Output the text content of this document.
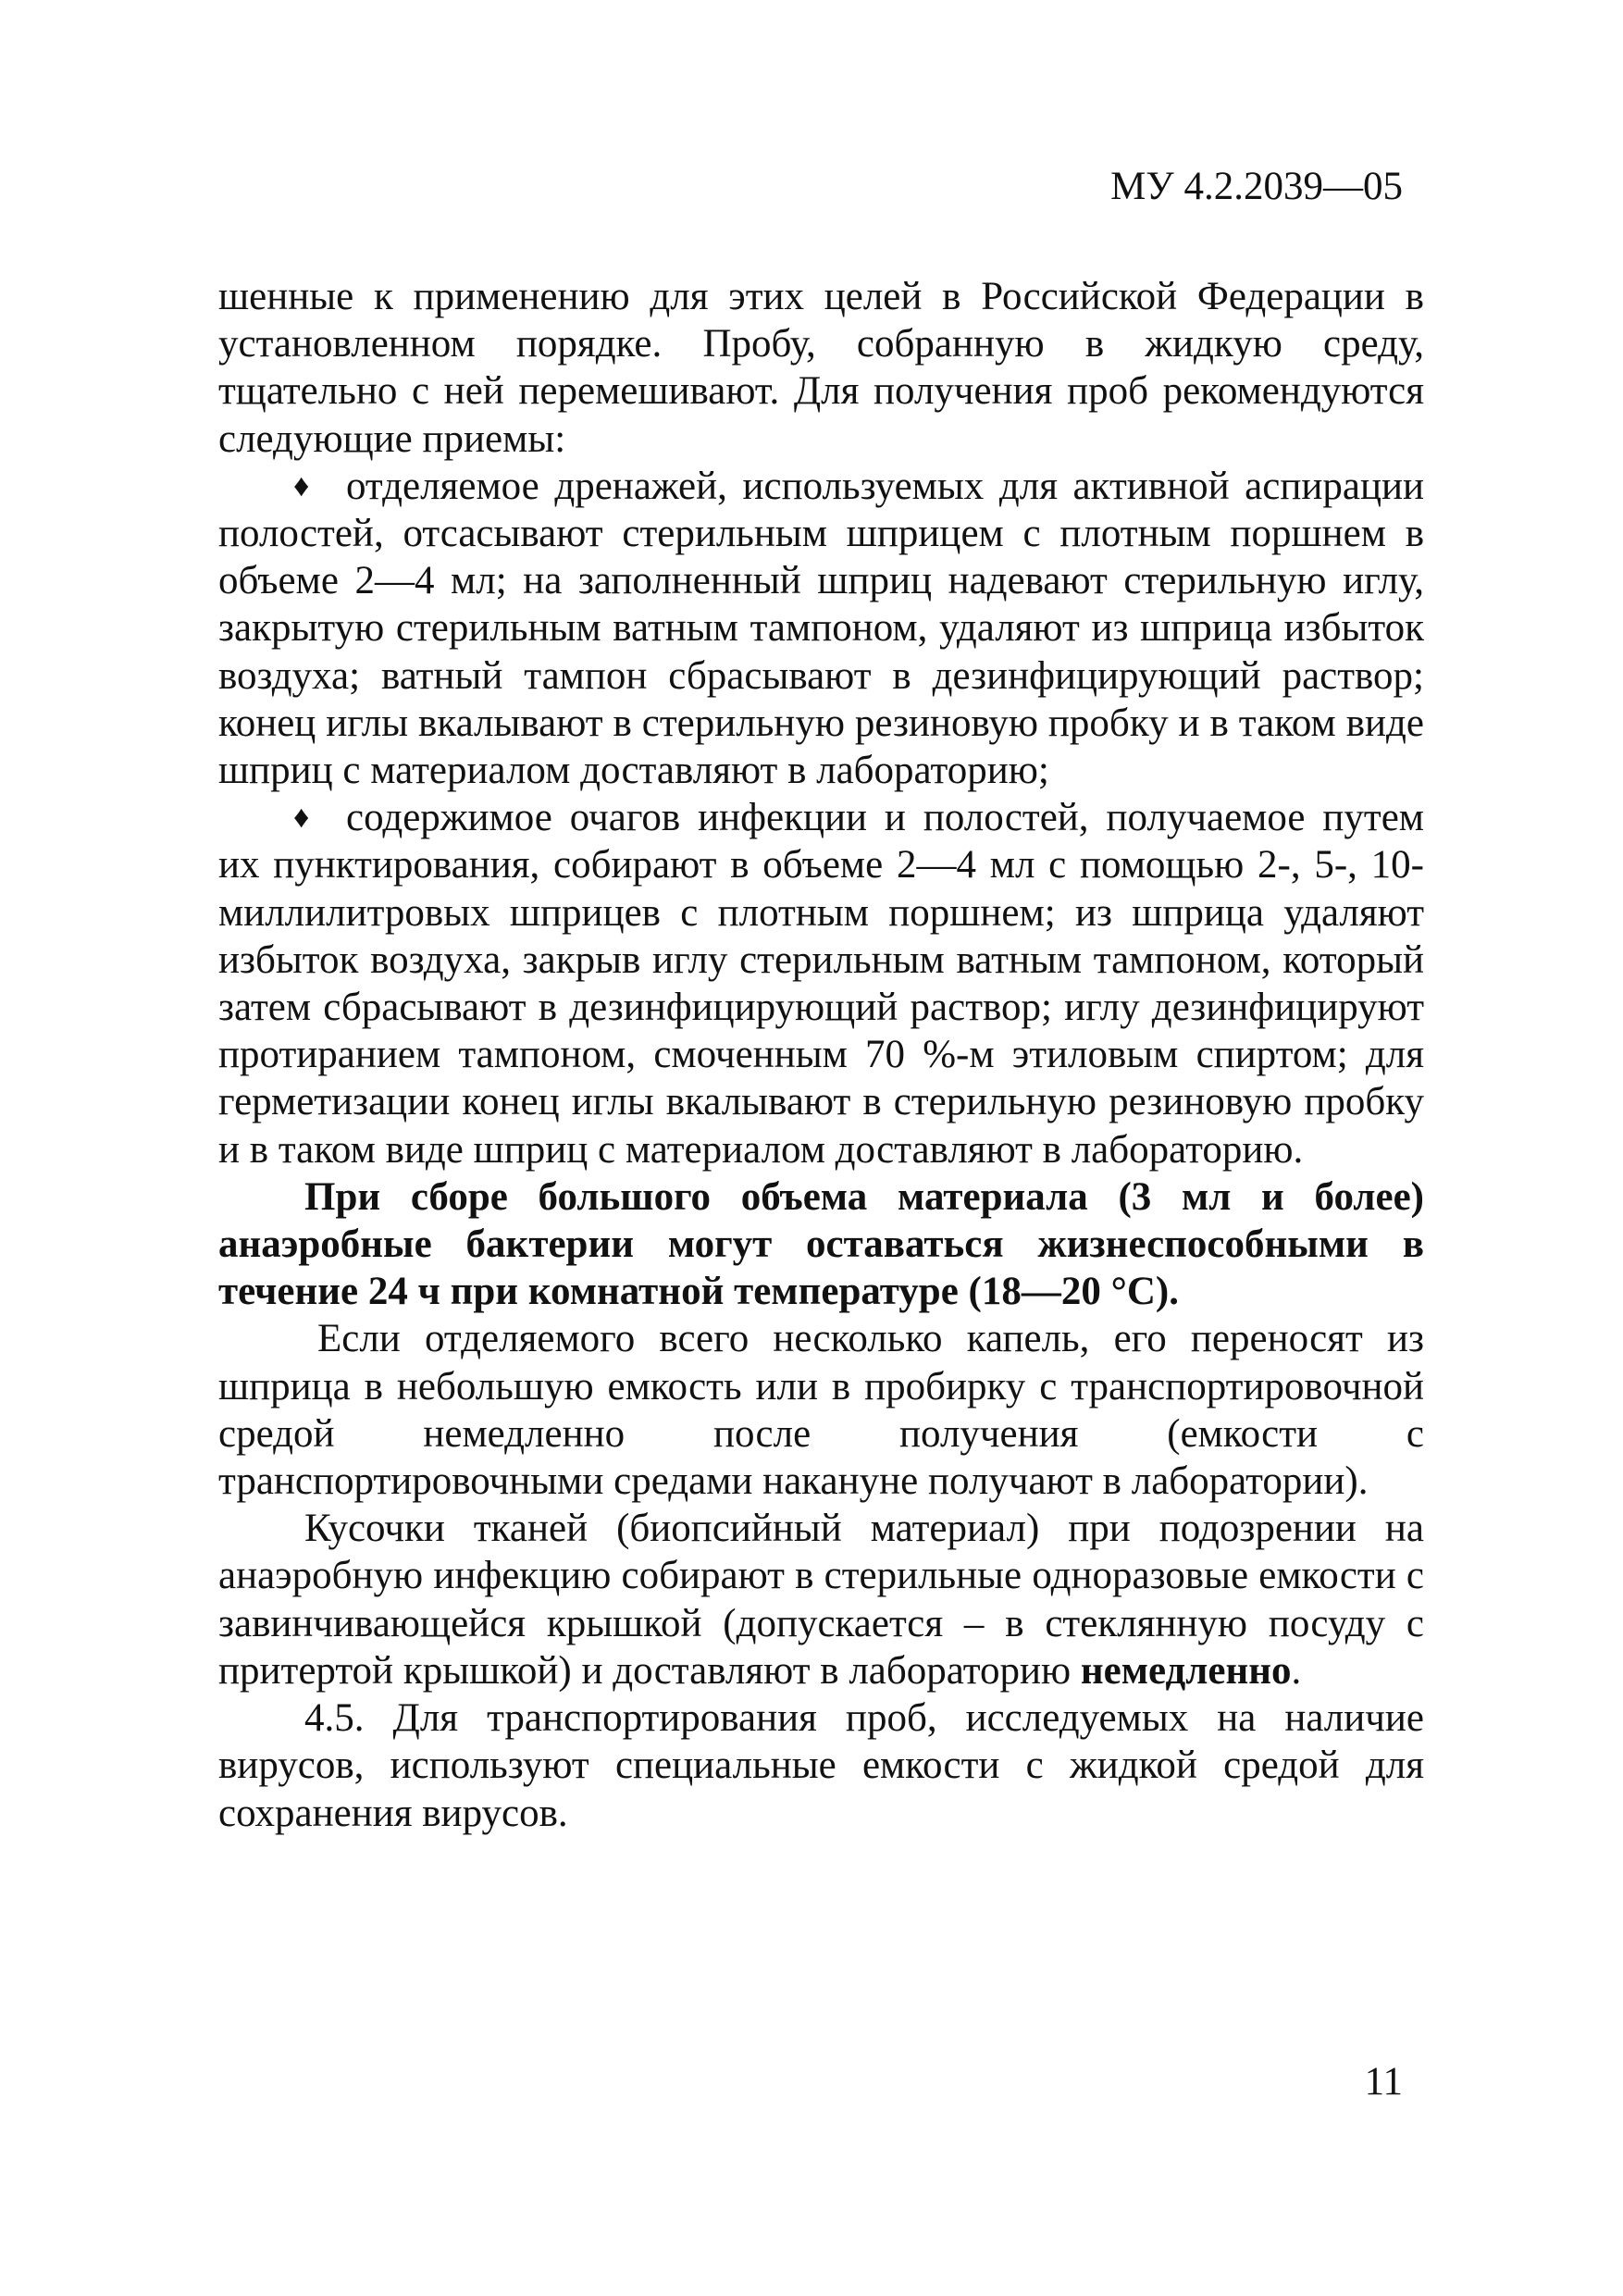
МУ 4.2.2039—05

шенные к применению для этих целей в Российской Федерации в установленном порядке. Пробу, собранную в жидкую среду, тщательно с ней перемешивают. Для получения проб рекомендуются следующие приемы:

♦ отделяемое дренажей, используемых для активной аспирации полостей, отсасывают стерильным шприцем с плотным поршнем в объеме 2—4 мл; на заполненный шприц надевают стерильную иглу, закрытую стерильным ватным тампоном, удаляют из шприца избыток воздуха; ватный тампон сбрасывают в дезинфицирующий раствор; конец иглы вкалывают в стерильную резиновую пробку и в таком виде шприц с материалом доставляют в лабораторию;

♦ содержимое очагов инфекции и полостей, получаемое путем их пунктирования, собирают в объеме 2—4 мл с помощью 2-, 5-, 10-миллилитровых шприцев с плотным поршнем; из шприца удаляют избыток воздуха, закрыв иглу стерильным ватным тампоном, который затем сбрасывают в дезинфицирующий раствор; иглу дезинфицируют протиранием тампоном, смоченным 70 %-м этиловым спиртом; для герметизации конец иглы вкалывают в стерильную резиновую пробку и в таком виде шприц с материалом доставляют в лабораторию.

При сборе большого объема материала (3 мл и более) анаэробные бактерии могут оставаться жизнеспособными в течение 24 ч при комнатной температуре (18—20 °С).

Если отделяемого всего несколько капель, его переносят из шприца в небольшую емкость или в пробирку с транспортировочной средой немедленно после получения (емкости с транспортировочными средами накануне получают в лаборатории).

Кусочки тканей (биопсийный материал) при подозрении на анаэробную инфекцию собирают в стерильные одноразовые емкости с завинчивающейся крышкой (допускается – в стеклянную посуду с притертой крышкой) и доставляют в лабораторию немедленно.

4.5. Для транспортирования проб, исследуемых на наличие вирусов, используют специальные емкости с жидкой средой для сохранения вирусов.

11
